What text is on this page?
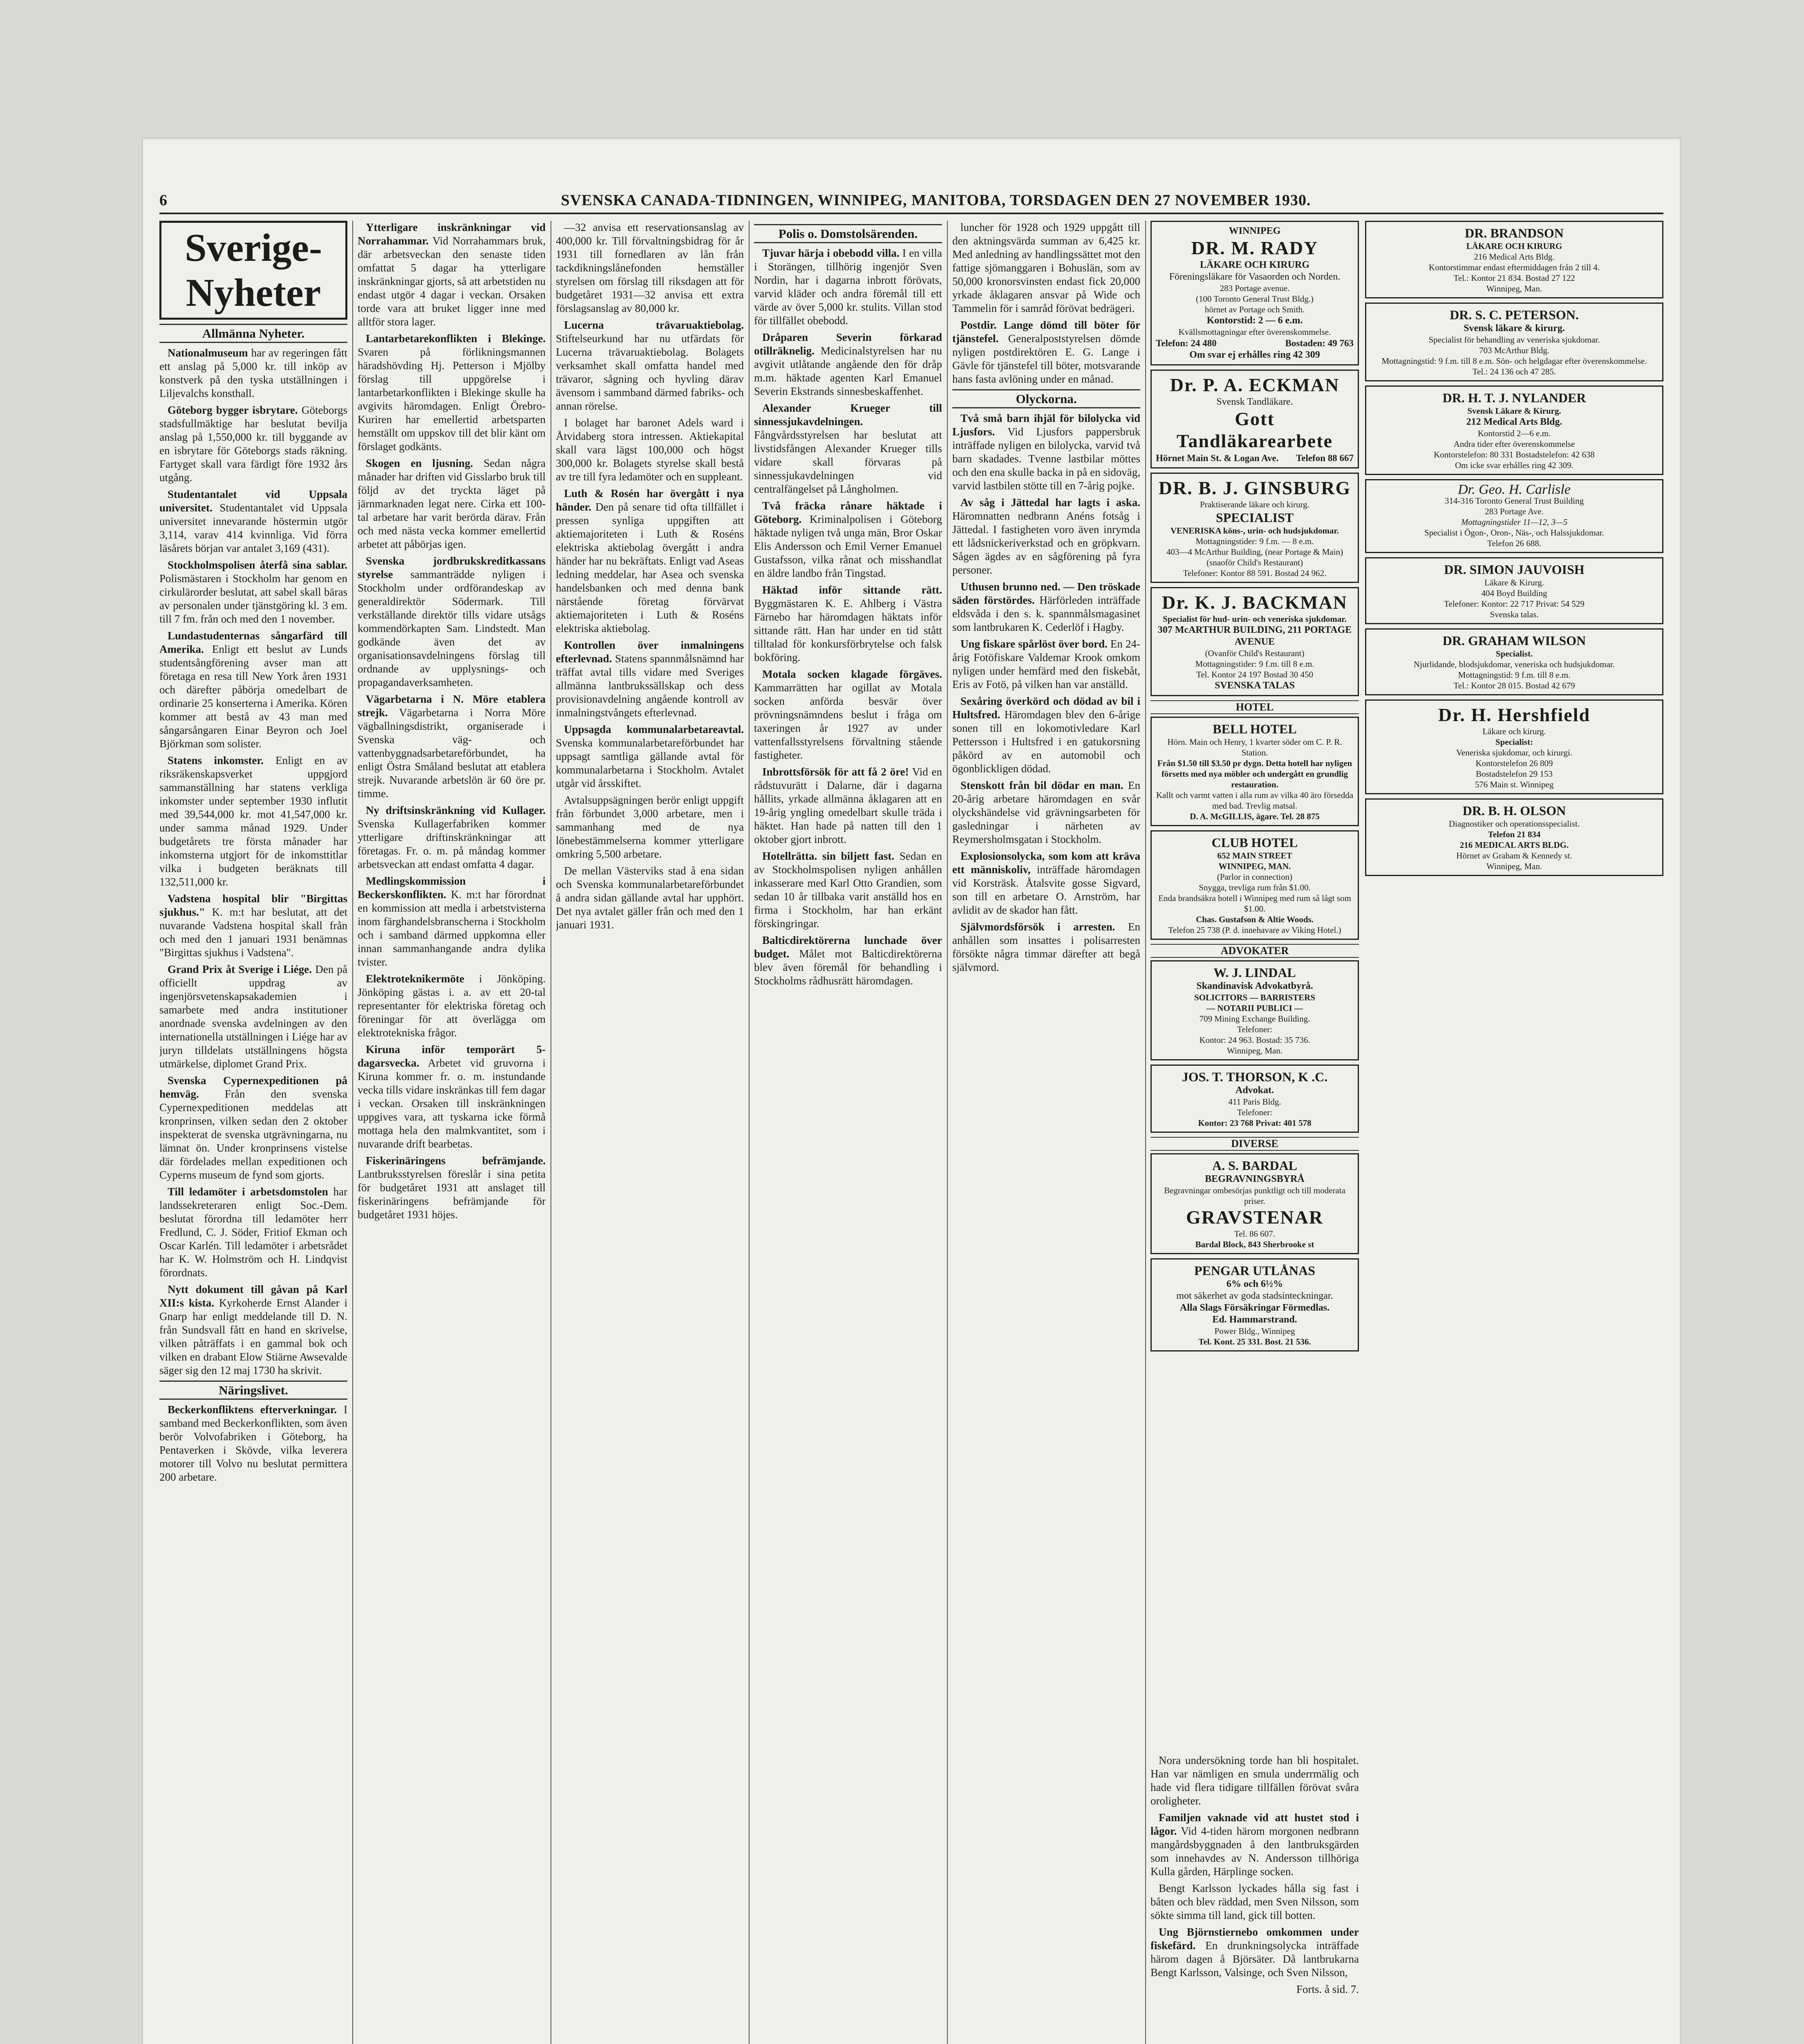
6	SVENSKA CANADA-TIDNINGEN, WINNIPEG, MANITOBA, TORSDAGEN DEN 27 NOVEMBER 1930.
Sverige-Nyheter
Allmänna Nyheter.

Nationalmuseum har av regeringen fått ett anslag på 5,000 kr. till inköp av konstverk på den tyska utställningen i Liljevalchs konsthall.

Göteborg bygger isbrytare. Göteborgs stadsfullmäktige har beslutat bevilja anslag på 1,550,000 kr. till byggande av en isbrytare för Göteborgs stads räkning. Fartyget skall vara färdigt före 1932 års utgång.

Studentantalet vid Uppsala universitet. Studentantalet vid Uppsala universitet innevarande höstermin utgör 3,114, varav 414 kvinnliga. Vid förra läsårets början var antalet 3,169 (431).

Stockholmspolisen återfå sina sablar. Polismästaren i Stockholm har genom en cirkulärorder beslutat, att sabel skall bäras av personalen under tjänstgöring kl. 3 em. till 7 fm. från och med den 1 november.

Lundastudenternas sångarfärd till Amerika. Enligt ett beslut av Lunds studentsångförening avser man att företaga en resa till New York åren 1931 och därefter påbörja omedelbart de ordinarie 25 konserterna i Amerika. Kören kommer att bestå av 43 man med sångarsångaren Einar Beyron och Joel Björkman som solister.

Statens inkomster. Enligt en av riksräkenskapsverket uppgjord sammanställning har statens verkliga inkomster under september 1930 influtit med 39,544,000 kr. mot 41,547,000 kr. under samma månad 1929. Under budgetårets tre första månader har inkomsterna utgjort för de inkomsttitlar vilka i budgeten beräknats till 132,511,000 kr.

Vadstena hospital blir "Birgittas sjukhus." K. m:t har beslutat, att det nuvarande Vadstena hospital skall från och med den 1 januari 1931 benämnas "Birgittas sjukhus i Vadstena".

Grand Prix åt Sverige i Liége. Den på officiellt uppdrag av ingenjörsvetenskapsakademien i samarbete med andra institutioner anordnade svenska avdelningen av den internationella utställningen i Liége har av juryn tilldelats utställningens högsta utmärkelse, diplomet Grand Prix.

Svenska Cypernexpeditionen på hemväg. Från den svenska Cypernexpeditionen meddelas att kronprinsen, vilken sedan den 2 oktober inspekterat de svenska utgrävningarna, nu lämnat ön. Under kronprinsens vistelse där fördelades mellan expeditionen och Cyperns museum de fynd som gjorts.

Till ledamöter i arbetsdomstolen har landssekreteraren enligt Soc.-Dem. beslutat förordna till ledamöter herr Fredlund, C. J. Söder, Fritiof Ekman och Oscar Karlén. Till ledamöter i arbetsrådet har K. W. Holmström och H. Lindqvist förordnats.

Nytt dokument till gåvan på Karl XII:s kista. Kyrkoherde Ernst Alander i Gnarp har enligt meddelande till D. N. från Sundsvall fått en hand en skrivelse, vilken påträffats i en gammal bok och vilken en drabant Elow Stiärne Awsevalde säger sig den 12 maj 1730 ha skrivit.

Näringslivet.

Beckerkonfliktens efterverkningar. I samband med Beckerkonflikten, som även berör Volvofabriken i Göteborg, ha Pentaverken i Skövde, vilka leverera motorer till Volvo nu beslutat permittera 200 arbetare.

Ytterligare inskränkningar vid Norrahammar. Vid Norrahammars bruk, där arbetsveckan den senaste tiden omfattat 5 dagar ha ytterligare inskränkningar gjorts, så att arbetstiden nu endast utgör 4 dagar i veckan. Orsaken torde vara att bruket ligger inne med alltför stora lager.

Lantarbetarekonflikten i Blekinge. Svaren på förlikningsmannen häradshövding Hj. Petterson i Mjölby förslag till uppgörelse i lantarbetarkonflikten i Blekinge skulle ha avgivits häromdagen. Enligt Örebro-Kuriren har emellertid arbetsparten hemställt om uppskov till det blir känt om förslaget godkänts.

Skogen en ljusning. Sedan några månader har driften vid Gisslarbo bruk till följd av det tryckta läget på järnmarknaden legat nere. Cirka ett 100-tal arbetare har varit berörda därav. Från och med nästa vecka kommer emellertid arbetet att påbörjas igen.

Svenska jordbrukskreditkassans styrelse sammanträdde nyligen i Stockholm under ordförandeskap av generaldirektör Södermark. Till verkställande direktör tills vidare utsågs kommendörkapten Sam. Lindstedt. Man godkände även det av organisationsavdelningens förslag till ordnande av upplysnings- och propagandaverksamheten.

Vägarbetarna i N. Möre etablera strejk. Vägarbetarna i Norra Möre vägballningsdistrikt, organiserade i Svenska väg- och vattenbyggnadsarbetareförbundet, ha enligt Östra Småland beslutat att etablera strejk. Nuvarande arbetslön är 60 öre pr. timme.

Ny driftsinskränkning vid Kullager. Svenska Kullagerfabriken kommer ytterligare driftinskränkningar att företagas. Fr. o. m. på måndag kommer arbetsveckan att endast omfatta 4 dagar.

Medlingskommission i Beckerskonflikten. K. m:t har förordnat en kommission att medla i arbetstvisterna inom färghandelsbranscherna i Stockholm och i samband därmed uppkomna eller innan sammanhangande andra dylika tvister.

Elektroteknikermöte i Jönköping. Jönköping gästas i. a. av ett 20-tal representanter för elektriska företag och föreningar för att överlägga om elektrotekniska frågor.

Kiruna inför temporärt 5-dagarsvecka. Arbetet vid gruvorna i Kiruna kommer fr. o. m. instundande vecka tills vidare inskränkas till fem dagar i veckan. Orsaken till inskränkningen uppgives vara, att tyskarna icke förmå mottaga hela den malmkvantitet, som i nuvarande drift bearbetas.

Fiskerinäringens befrämjande. Lantbruksstyrelsen föreslår i sina petita för budgetåret 1931 att anslaget till fiskerinäringens befrämjande för budgetåret 1931 höjes.

—32 anvisa ett reservationsanslag av 400,000 kr. Till förvaltningsbidrag för år 1931 till fornedlaren av lån från tackdikningslånefonden hemställer styrelsen om förslag till riksdagen att för budgetåret 1931—32 anvisa ett extra förslagsanslag av 80,000 kr.

Lucerna trävaruaktiebolag. Stiftelseurkund har nu utfärdats för Lucerna trävaruaktiebolag. Bolagets verksamhet skall omfatta handel med trävaror, sågning och hyvling därav ävensom i sammband därmed fabriks- och annan rörelse.

I bolaget har baronet Adels ward i Åtvidaberg stora intressen. Aktiekapital skall vara lägst 100,000 och högst 300,000 kr. Bolagets styrelse skall bestå av tre till fyra ledamöter och en suppleant.

Luth & Rosén har övergått i nya händer. Den på senare tid ofta tillfället i pressen synliga uppgiften att aktiemajoriteten i Luth & Roséns elektriska aktiebolag övergått i andra händer har nu bekräftats. Enligt vad Aseas ledning meddelar, har Asea och svenska handelsbanken och med denna bank närstående företag förvärvat aktiemajoriteten i Luth & Roséns elektriska aktiebolag.

Kontrollen över inmalningens efterlevnad. Statens spannmålsnämnd har träffat avtal tills vidare med Sveriges allmänna lantbrukssällskap och dess provisionavdelning angående kontroll av inmalningstvångets efterlevnad.

Uppsagda kommunalarbetareavtal. Svenska kommunalarbetareförbundet har uppsagt samtliga gällande avtal för kommunalarbetarna i Stockholm. Avtalet utgår vid årsskiftet.

Avtalsuppsägningen berör enligt uppgift från förbundet 3,000 arbetare, men i sammanhang med de nya lönebestämmelserna kommer ytterligare omkring 5,500 arbetare.

De mellan Västerviks stad å ena sidan och Svenska kommunalarbetareförbundet å andra sidan gällande avtal har upphört. Det nya avtalet gäller från och med den 1 januari 1931.

Polis o. Domstolsärenden.

Tjuvar härja i obebodd villa. I en villa i Storängen, tillhörig ingenjör Sven Nordin, har i dagarna inbrott förövats, varvid kläder och andra föremål till ett värde av över 5,000 kr. stulits. Villan stod för tillfället obebodd.

Dråparen Severin förkarad otillräknelig. Medicinalstyrelsen har nu avgivit utlåtande angående den för dråp m.m. häktade agenten Karl Emanuel Severin Ekstrands sinnesbeskaffenhet.

Alexander Krueger till sinnessjukavdelningen. Fångvårdsstyrelsen har beslutat att livstidsfången Alexander Krueger tills vidare skall förvaras på sinnessjukavdelningen vid centralfängelset på Långholmen.

Två fräcka rånare häktade i Göteborg. Kriminalpolisen i Göteborg häktade nyligen två unga män, Bror Oskar Elis Andersson och Emil Verner Emanuel Gustafsson, vilka rånat och misshandlat en äldre landbo från Tingstad.

Häktad inför sittande rätt. Byggmästaren K. E. Ahlberg i Västra Färnebo har häromdagen häktats inför sittande rätt. Han har under en tid stått tilltalad för konkursförbrytelse och falsk bokföring.

Motala socken klagade förgäves. Kammarrätten har ogillat av Motala socken anförda besvär över prövningsnämndens beslut i fråga om taxeringen år 1927 av under vattenfallsstyrelsens förvaltning stående fastigheter.

Inbrottsförsök för att få 2 öre! Vid en rådstuvurätt i Dalarne, där i dagarna hållits, yrkade allmänna åklagaren att en 19-årig yngling omedelbart skulle träda i häktet. Han hade på natten till den 1 oktober gjort inbrott.

Hotellrätta. sin biljett fast. Sedan en av Stockholmspolisen nyligen anhållen inkasserare med Karl Otto Grandien, som sedan 10 år tillbaka varit anställd hos en firma i Stockholm, har han erkänt förskingringar.

Balticdirektörerna lunchade över budget. Målet mot Balticdirektörerna blev även föremål för behandling i Stockholms rådhusrätt häromdagen.

luncher för 1928 och 1929 uppgått till den aktningsvärda summan av 6,425 kr. Med anledning av handlingssättet mot den fattige sjömanggaren i Bohuslän, som av 50,000 kronorsvinsten endast fick 20,000 yrkade åklagaren ansvar på Wide och Tammelin för i samråd förövat bedrägeri.

Postdir. Lange dömd till böter för tjänstefel. Generalpoststyrelsen dömde nyligen postdirektören E. G. Lange i Gävle för tjänstefel till böter, motsvarande hans fasta avlöning under en månad.

Olyckorna.

Två små barn ihjäl för bilolycka vid Ljusfors. Vid Ljusfors pappersbruk inträffade nyligen en bilolycka, varvid två barn skadades. Tvenne lastbilar möttes och den ena skulle backa in på en sidoväg, varvid lastbilen stötte till en 7-årig pojke.

Av såg i Jättedal har lagts i aska. Häromnatten nedbrann Anéns fotsåg i Jättedal. I fastigheten voro även inrymda ett lådsnickeriverkstad och en gröpkvarn. Sågen ägdes av en sågförening på fyra personer.

Uthusen brunno ned. — Den tröskade säden förstördes. Härförleden inträffade eldsvåda i den s. k. spannmålsmagasinet som lantbrukaren K. Cederlöf i Hagby.

Ung fiskare spårlöst över bord. En 24-årig Fotöfiskare Valdemar Krook omkom nyligen under hemfärd med den fiskebåt, Eris av Fotö, på vilken han var anställd.

Sexåring överkörd och dödad av bil i Hultsfred. Häromdagen blev den 6-årige sonen till en lokomotivledare Karl Pettersson i Hultsfred i en gatukorsning påkörd av en automobil och ögonblickligen dödad.

Stenskott från bil dödar en man. En 20-årig arbetare häromdagen en svår olyckshändelse vid grävningsarbeten för gasledningar i närheten av Reymersholmsgatan i Stockholm.

Explosionsolycka, som kom att kräva ett människoliv, inträffade häromdagen vid Korsträsk. Åtalsvite gosse Sigvard, son till en arbetare O. Arnström, har avlidit av de skador han fått.

Självmordsförsök i arresten. En anhållen som insattes i polisarresten försökte några timmar därefter att begå självmord.

Nora undersökning torde han bli hospitalet. Han var nämligen en smula underrmälig och hade vid flera tidigare tillfällen förövat svåra oroligheter.

Familjen vaknade vid att hustet stod i lågor. Vid 4-tiden härom morgonen nedbrann mangårdsbyggnaden å den lantbruksgärden som innehavdes av N. Andersson tillhöriga Kulla gården, Härplinge socken.

Bengt Karlsson lyckades hålla sig fast i båten och blev räddad, men Sven Nilsson, som sökte simma till land, gick till botten.

Ung Björnstiernebo omkommen under fiskefärd. En drunkningsolycka inträffade härom dagen å Björsäter. Då lantbrukarna Bengt Karlsson, Valsinge, och Sven Nilsson,

Forts. å sid. 7.

WINNIPEG
DR. M. RADY
LÄKARE OCH KIRURG
Föreningsläkare för Vasaorden och Norden.
283 Portage avenue.
(100 Toronto General Trust Bldg.)
hörnet av Portage och Smith.
Kontorstid: 2 — 6 e.m.
Kvällsmottagningar efter överenskommelse.
Telefon: 24 480	Bostaden: 49 763
Om svar ej erhålles ring 42 309
Dr. P. A. ECKMAN
Svensk Tandläkare.
Gott Tandläkarearbete
Hörnet Main St. & Logan Ave. Telefon 88 667
DR. B. J. GINSBURG
Praktiserande läkare och kirurg.
SPECIALIST
VENERISKA köns-, urin- och hudsjukdomar.
Mottagningstider: 9 f.m. — 8 e.m.
403—4 McArthur Building, (near Portage & Main)
(snaoför Child's Restaurant)
Telefoner: Kontor 88 591. Bostad 24 962.
Dr. K. J. BACKMAN
Specialist för hud- urin- och veneriska sjukdomar.
307 McARTHUR BUILDING, 211 PORTAGE AVENUE
(Ovanför Child's Restaurant)
Mottagningstider: 9 f.m. till 8 e.m.
Tel. Kontor 24 197 Bostad 30 450
SVENSKA TALAS
HOTEL
BELL HOTEL
Hörn. Main och Henry, 1 kvarter söder om C. P. R. Station.
Från $1.50 till $3.50 pr dygn. Detta hotell har nyligen försetts med nya möbler och undergått en grundlig restauration.
Kallt och varmt vatten i alla rum av vilka 40 äro försedda med bad. Trevlig matsal.
D. A. McGILLIS, ägare. Tel. 28 875
CLUB HOTEL
652 MAIN STREET
WINNIPEG, MAN.
(Parlor in connection)
Snygga, trevliga rum från $1.00.
Enda brandsäkra hotell i Winnipeg med rum så lågt som $1.00.
Chas. Gustafson & Altie Woods.
Telefon 25 738 (P. d. innehavare av Viking Hotel.)
ADVOKATER
W. J. LINDAL
Skandinavisk Advokatbyrå.
SOLICITORS — BARRISTERS
— NOTARII PUBLICI —
709 Mining Exchange Building.
Telefoner:
Kontor: 24 963. Bostad: 35 736.
Winnipeg, Man.
JOS. T. THORSON, K .C.
Advokat.
411 Paris Bldg.
Telefoner:
Kontor: 23 768 Privat: 401 578
DIVERSE
A. S. BARDAL
BEGRAVNINGSBYRÅ
Begravningar ombesörjas punktligt och till moderata priser.
GRAVSTENAR
Tel. 86 607.
Bardal Block, 843 Sherbrooke st
PENGAR UTLÅNAS
6% och 6½%
mot säkerhet av goda stadsinteckningar.
Alla Slags Försäkringar Förmedlas.
Ed. Hammarstrand.
Power Bldg., Winnipeg
Tel. Kont. 25 331. Bost. 21 536.
DR. BRANDSON
LÄKARE OCH KIRURG
216 Medical Arts Bldg.
Kontorstimmar endast eftermiddagen från 2 till 4.
Tel.: Kontor 21 834. Bostad 27 122
Winnipeg, Man.
DR. S. C. PETERSON.
Svensk läkare & kirurg.
Specialist för behandling av veneriska sjukdomar.
703 McArthur Bldg.
Mottagningstid: 9 f.m. till 8 e.m. Sön- och helgdagar efter överenskommelse.
Tel.: 24 136 och 47 285.
DR. H. T. J. NYLANDER
Svensk Läkare & Kirurg.
212 Medical Arts Bldg.
Kontorstid 2—6 e.m.
Andra tider efter överenskommelse
Kontorstelefon: 80 331 Bostadstelefon: 42 638
Om icke svar erhålles ring 42 309.
Dr. Geo. H. Carlisle
314-316 Toronto General Trust Building
283 Portage Ave.
Mottagningstider 11—12, 3—5
Specialist i Ögon-, Oron-, Näs-, och Halssjukdomar.
Telefon 26 688.
DR. SIMON JAUVOISH
Läkare & Kirurg.
404 Boyd Building
Telefoner: Kontor: 22 717 Privat: 54 529
Svenska talas.
DR. GRAHAM WILSON
Specialist.
Njurlidande, blodsjukdomar, veneriska och hudsjukdomar.
Mottagningstid: 9 f.m. till 8 e.m.
Tel.: Kontor 28 015. Bostad 42 679
Dr. H. Hershfield
Läkare och kirurg.
Specialist:
Veneriska sjukdomar, och kirurgi.
Kontorstelefon 26 809
Bostadstelefon 29 153
576 Main st. Winnipeg
DR. B. H. OLSON
Diagnostiker och operationsspecialist.
Telefon 21 834
216 MEDICAL ARTS BLDG.
Hörnet av Graham & Kennedy st.
Winnipeg, Man.
